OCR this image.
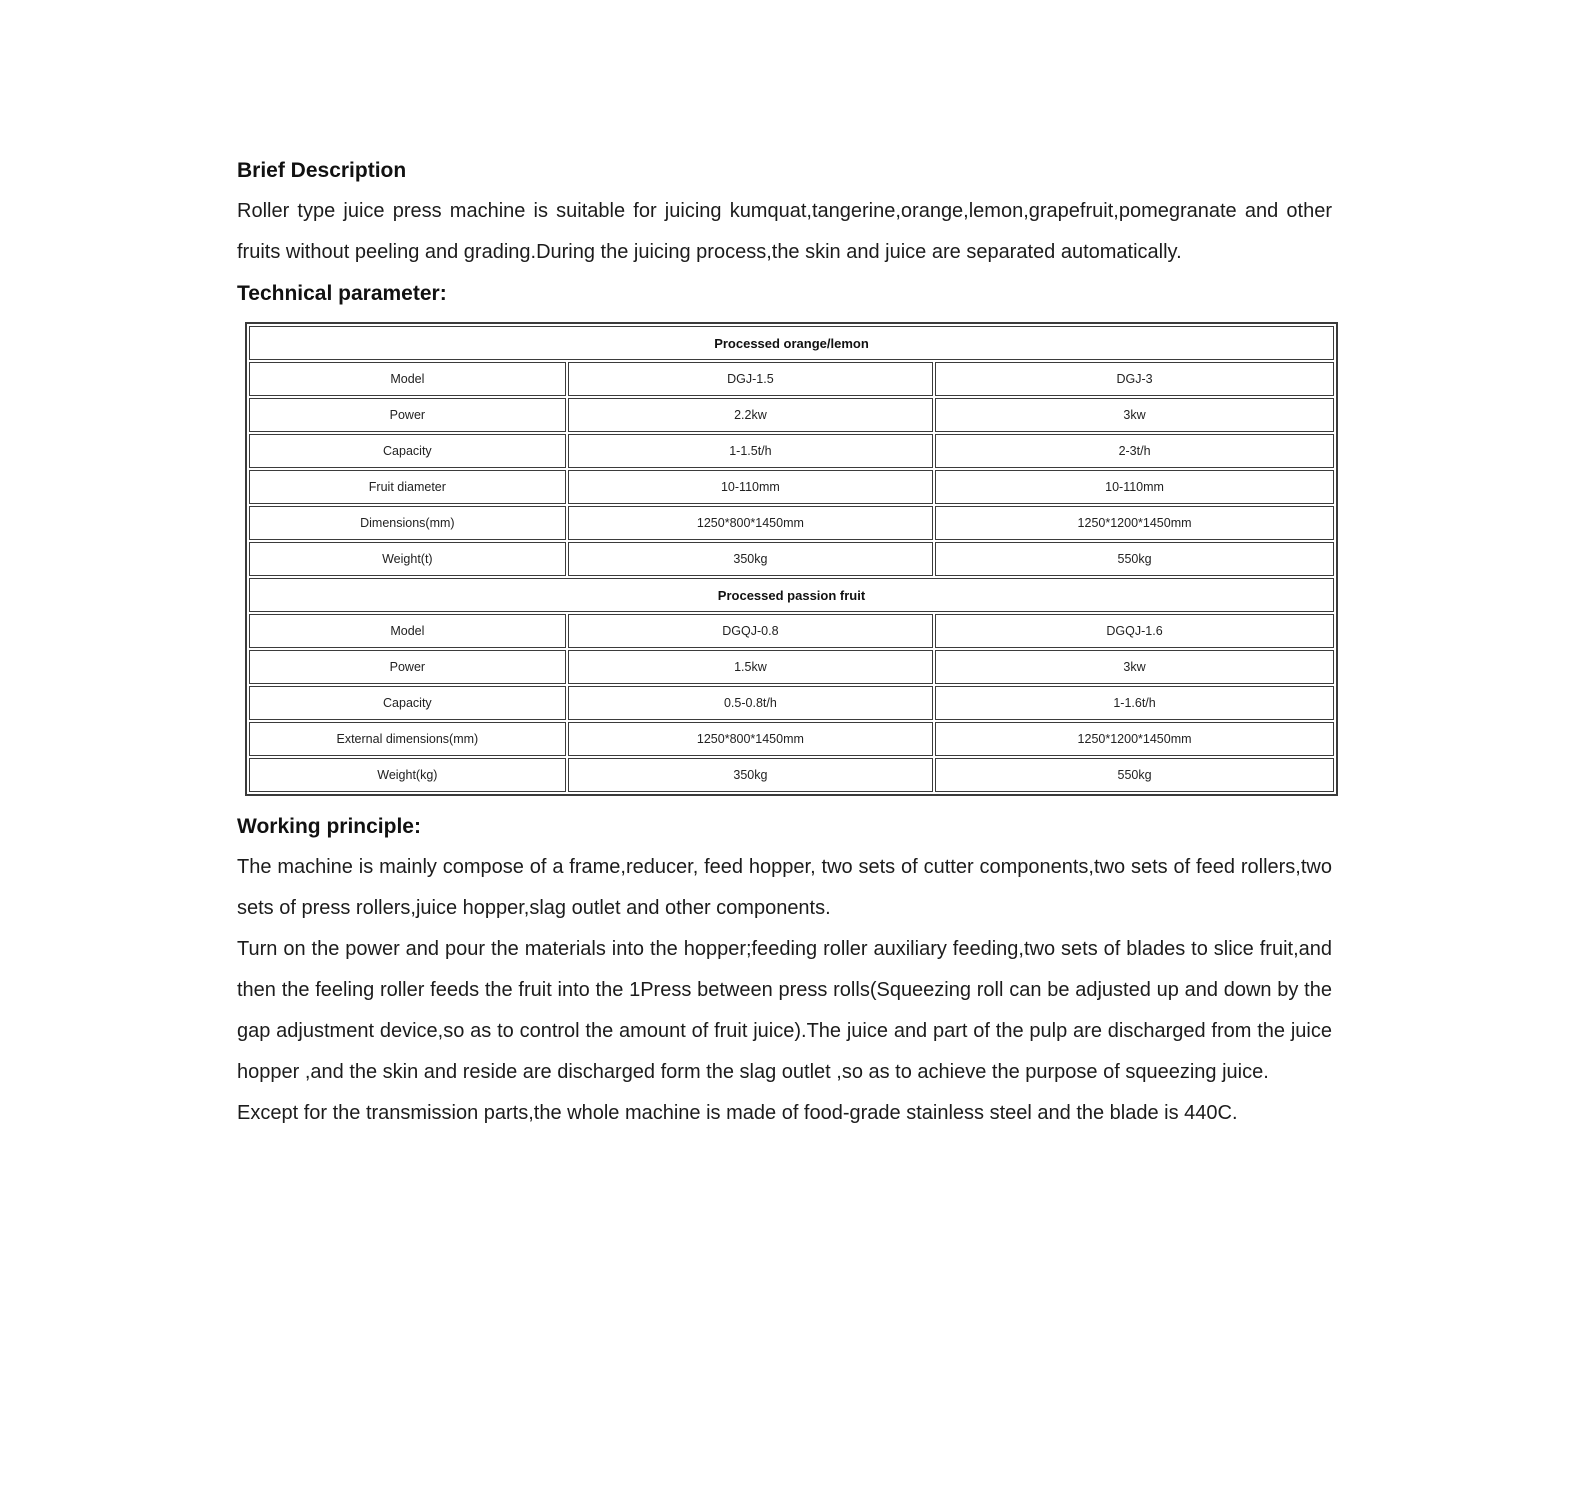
Brief Description

Roller type juice press machine is suitable for juicing kumquat,tangerine,orange,lemon,grapefruit,pomegranate and other fruits without peeling and grading.During the juicing process,the skin and juice are separated automatically.

Technical parameter:
Processed orange/lemon		
Model	DGJ-1.5	DGJ-3
Power	2.2kw	3kw
Capacity	1-1.5t/h	2-3t/h
Fruit diameter	10-110mm	10-110mm
Dimensions(mm)	1250*800*1450mm	1250*1200*1450mm
Weight(t)	350kg	550kg
Processed passion fruit		
Model	DGQJ-0.8	DGQJ-1.6
Power	1.5kw	3kw
Capacity	0.5-0.8t/h	1-1.6t/h
External dimensions(mm)	1250*800*1450mm	1250*1200*1450mm
Weight(kg)	350kg	550kg
Working principle:

The machine is mainly compose of a frame,reducer, feed hopper, two sets of cutter components,two sets of feed rollers,two sets of press rollers,juice hopper,slag outlet and other components.

Turn on the power and pour the materials into the hopper;feeding roller auxiliary feeding,two sets of blades to slice fruit,and then the feeling roller feeds the fruit into the 1Press between press rolls(Squeezing roll can be adjusted up and down by the gap adjustment device,so as to control the amount of fruit juice).The juice and part of the pulp are discharged from the juice hopper ,and the skin and reside are discharged form the slag outlet ,so as to achieve the purpose of squeezing juice.

Except for the transmission parts,the whole machine is made of food-grade stainless steel and the blade is 440C.
